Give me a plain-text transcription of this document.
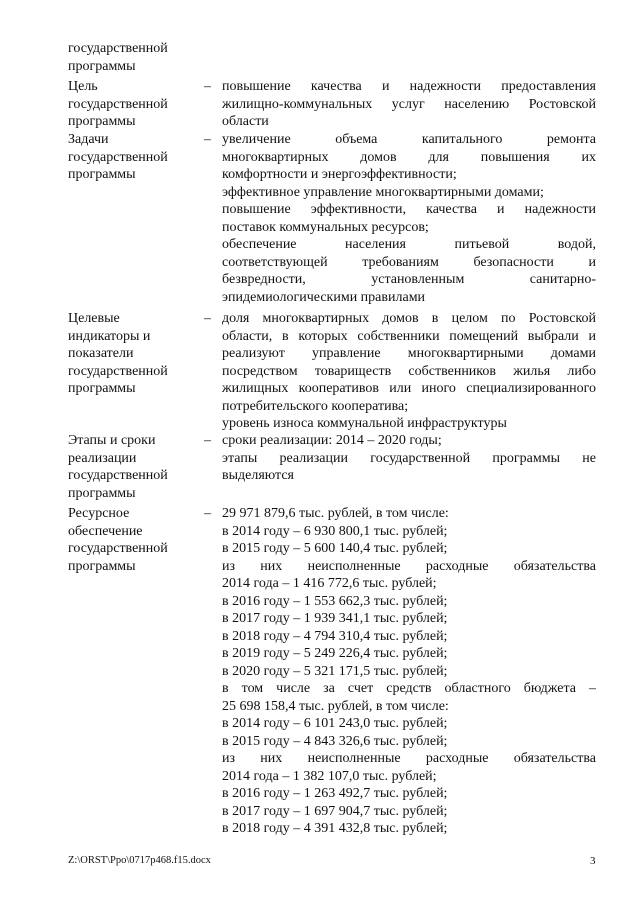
государственной
программы
Цель
государственной
программы
– повышение качества и надежности предоставления
жилищно-коммунальных услуг населению Ростовской
области
Задачи
государственной
программы
– увеличение объема капитального ремонта
многоквартирных домов для повышения их
комфортности и энергоэффективности;
эффективное управление многоквартирными домами;
повышение эффективности, качества и надежности
поставок коммунальных ресурсов;
обеспечение населения питьевой водой,
соответствующей требованиям безопасности и
безвредности, установленным санитарно-
эпидемиологическими правилами
Целевые
индикаторы и
показатели
государственной
программы
– доля многоквартирных домов в целом по Ростовской
области, в которых собственники помещений выбрали и
реализуют управление многоквартирными домами
посредством товариществ собственников жилья либо
жилищных кооперативов или иного специализированного
потребительского кооператива;
уровень износа коммунальной инфраструктуры
Этапы и сроки
реализации
государственной
программы
– сроки реализации: 2014 – 2020 годы;
этапы реализации государственной программы не
выделяются
Ресурсное
обеспечение
государственной
программы
– 29 971 879,6 тыс. рублей, в том числе:
в 2014 году – 6 930 800,1 тыс. рублей;
в 2015 году – 5 600 140,4 тыс. рублей;
из них неисполненные расходные обязательства
2014 года – 1 416 772,6 тыс. рублей;
в 2016 году – 1 553 662,3 тыс. рублей;
в 2017 году – 1 939 341,1 тыс. рублей;
в 2018 году – 4 794 310,4 тыс. рублей;
в 2019 году – 5 249 226,4 тыс. рублей;
в 2020 году – 5 321 171,5 тыс. рублей;
в том числе за счет средств областного бюджета –
25 698 158,4 тыс. рублей, в том числе:
в 2014 году – 6 101 243,0 тыс. рублей;
в 2015 году – 4 843 326,6 тыс. рублей;
из них неисполненные расходные обязательства
2014 года – 1 382 107,0 тыс. рублей;
в 2016 году – 1 263 492,7 тыс. рублей;
в 2017 году – 1 697 904,7 тыс. рублей;
в 2018 году – 4 391 432,8 тыс. рублей;
Z:\ORST\Ppo\0717p468.f15.docx	3
